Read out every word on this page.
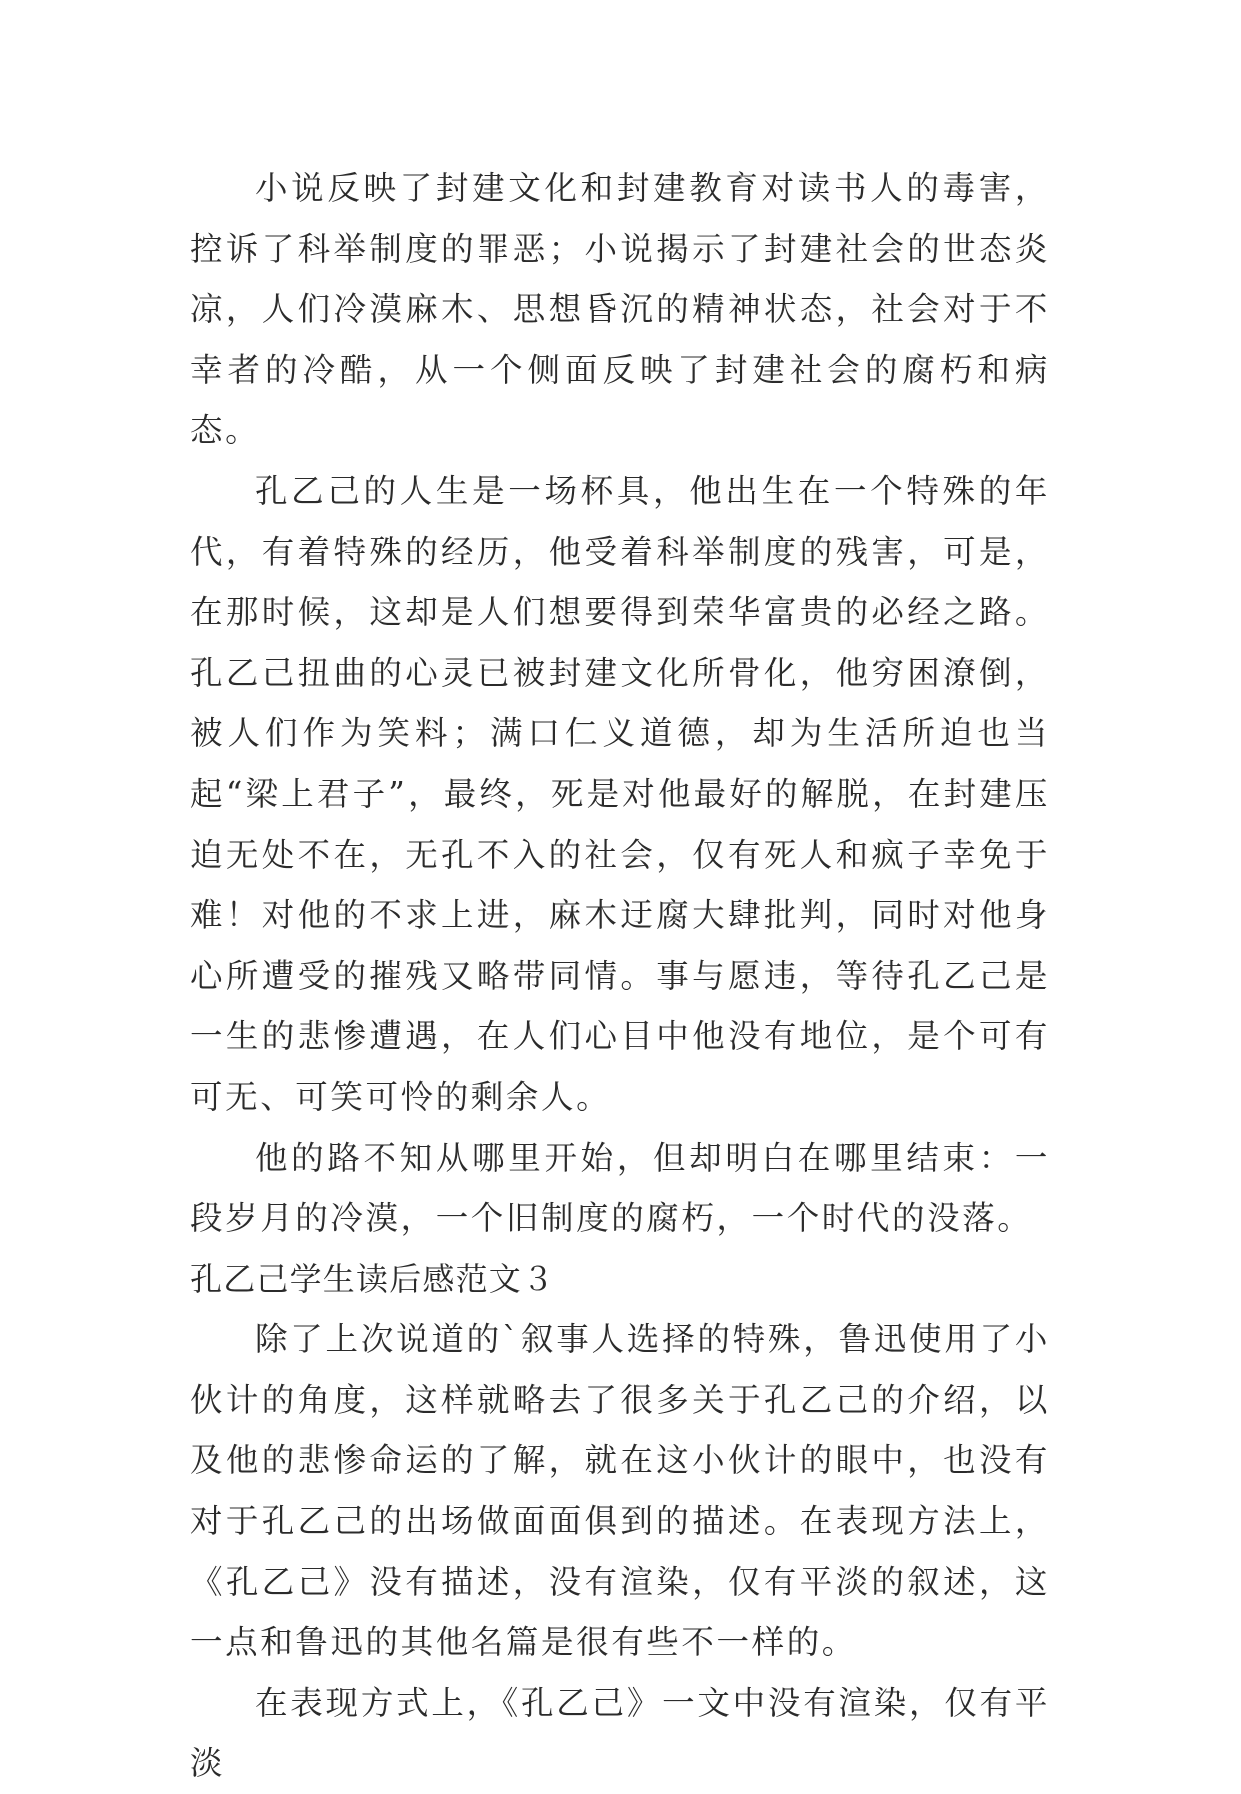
小说反映了封建文化和封建教育对读书人的毒害，控诉了科举制度的罪恶；小说揭示了封建社会的世态炎凉，人们冷漠麻木、思想昏沉的精神状态，社会对于不幸者的冷酷，从一个侧面反映了封建社会的腐朽和病态。

孔乙己的人生是一场杯具，他出生在一个特殊的年代，有着特殊的经历，他受着科举制度的残害，可是，在那时候，这却是人们想要得到荣华富贵的必经之路。孔乙己扭曲的心灵已被封建文化所骨化，他穷困潦倒，被人们作为笑料；满口仁义道德，却为生活所迫也当起“梁上君子”，最终，死是对他最好的解脱，在封建压迫无处不在，无孔不入的社会，仅有死人和疯子幸免于难！对他的不求上进，麻木迂腐大肆批判，同时对他身心所遭受的摧残又略带同情。事与愿违，等待孔乙己是一生的悲惨遭遇，在人们心目中他没有地位，是个可有可无、可笑可怜的剩余人。

他的路不知从哪里开始，但却明白在哪里结束：一段岁月的冷漠，一个旧制度的腐朽，一个时代的没落。

孔乙己学生读后感范文３

除了上次说道的`叙事人选择的特殊，鲁迅使用了小伙计的角度，这样就略去了很多关于孔乙己的介绍，以及他的悲惨命运的了解，就在这小伙计的眼中，也没有对于孔乙己的出场做面面俱到的描述。在表现方法上，《孔乙己》没有描述，没有渲染，仅有平淡的叙述，这一点和鲁迅的其他名篇是很有些不一样的。

在表现方式上，《孔乙己》一文中没有渲染，仅有平淡
